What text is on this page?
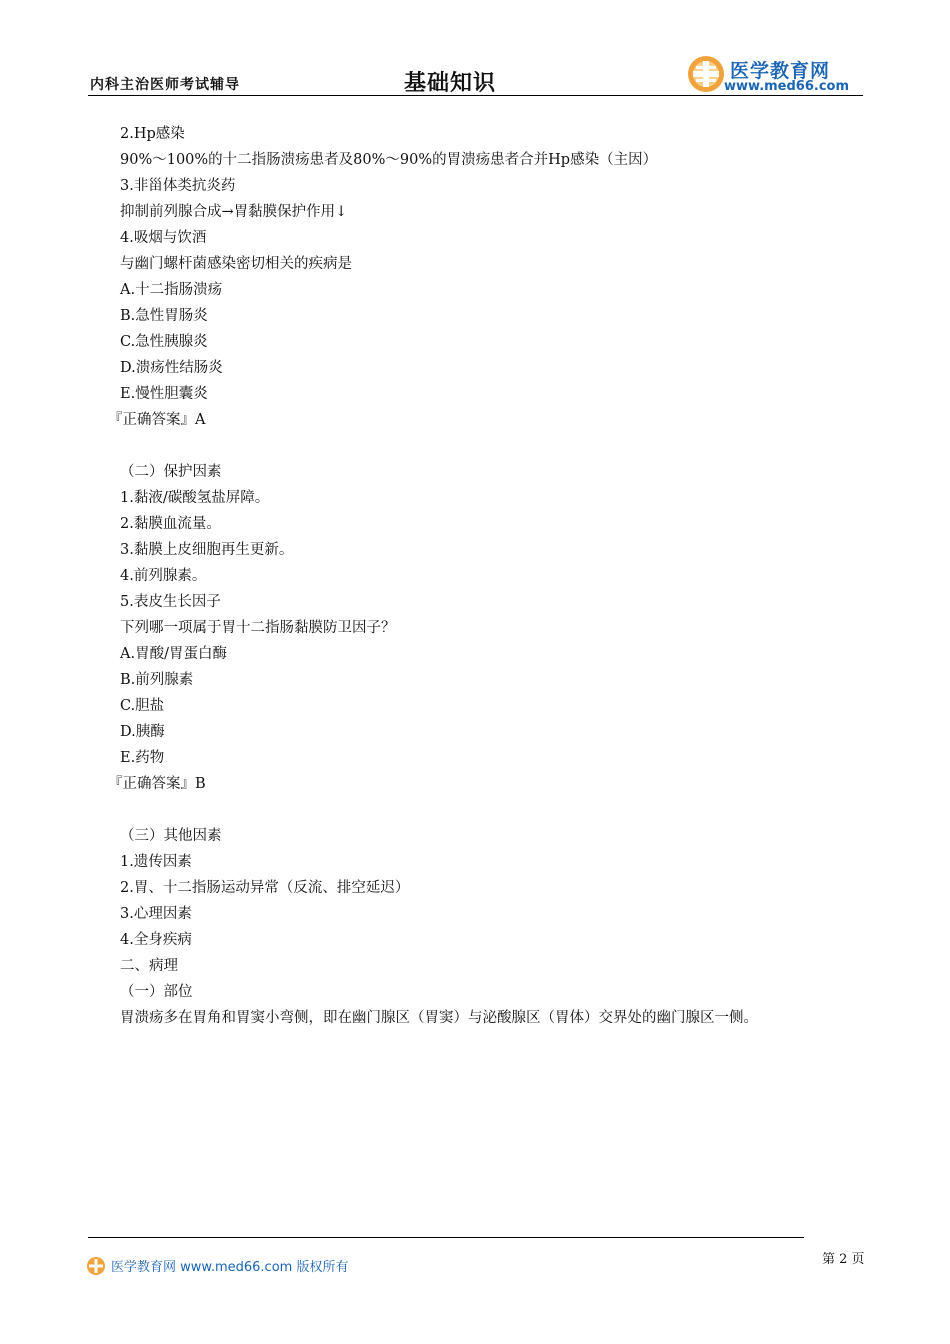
内科主治医师考试辅导	基础知识	医学教育网
www.med66.com
2.Hp感染
90%～100%的十二指肠溃疡患者及80%～90%的胃溃疡患者合并Hp感染（主因）
3.非甾体类抗炎药
抑制前列腺合成→胃黏膜保护作用↓
4.吸烟与饮酒
与幽门螺杆菌感染密切相关的疾病是
A.十二指肠溃疡
B.急性胃肠炎
C.急性胰腺炎
D.溃疡性结肠炎
E.慢性胆囊炎
『正确答案』A
（二）保护因素
1.黏液/碳酸氢盐屏障。
2.黏膜血流量。
3.黏膜上皮细胞再生更新。
4.前列腺素。
5.表皮生长因子
下列哪一项属于胃十二指肠黏膜防卫因子？
A.胃酸/胃蛋白酶
B.前列腺素
C.胆盐
D.胰酶
E.药物
『正确答案』B
（三）其他因素
1.遗传因素
2.胃、十二指肠运动异常（反流、排空延迟）
3.心理因素
4.全身疾病
二、病理
（一）部位
胃溃疡多在胃角和胃窦小弯侧，即在幽门腺区（胃窦）与泌酸腺区（胃体）交界处的幽门腺区一侧。
第 2 页
医学教育网 www.med66.com 版权所有
